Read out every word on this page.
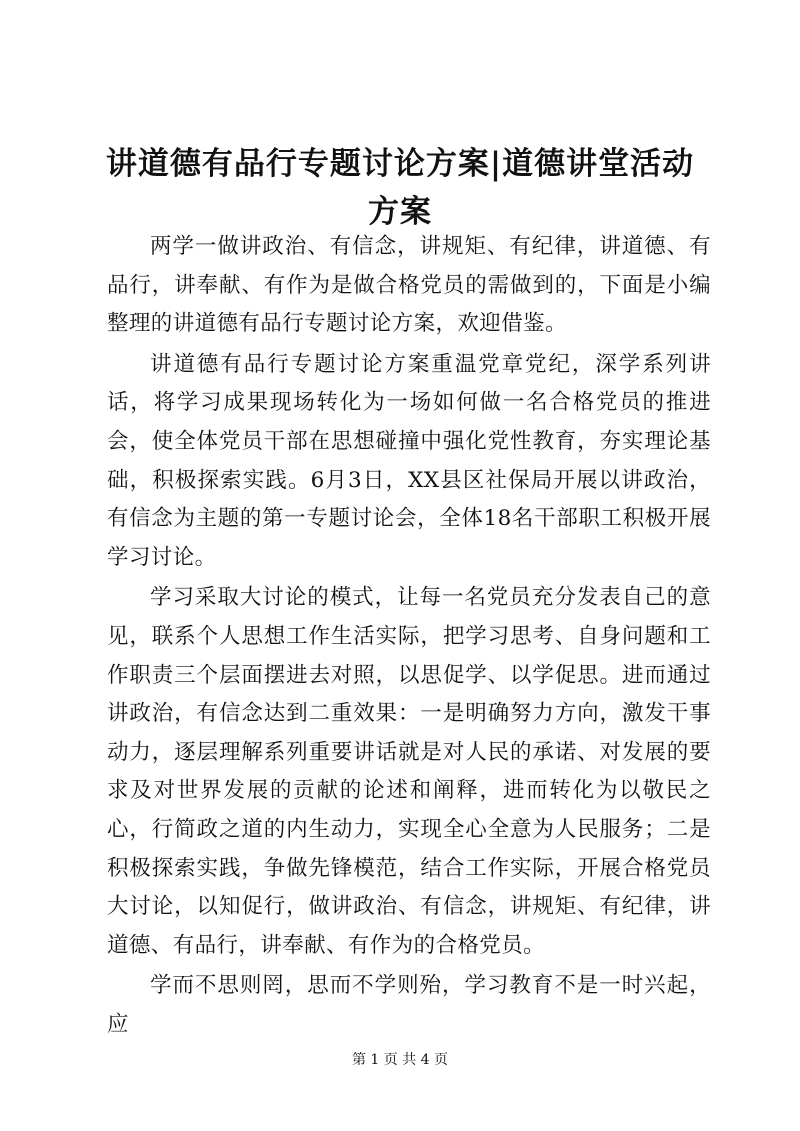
讲道德有品行专题讨论方案|道德讲堂活动方案

两学一做讲政治、有信念，讲规矩、有纪律，讲道德、有品行，讲奉献、有作为是做合格党员的需做到的，下面是小编整理的讲道德有品行专题讨论方案，欢迎借鉴。

讲道德有品行专题讨论方案重温党章党纪，深学系列讲话，将学习成果现场转化为一场如何做一名合格党员的推进会，使全体党员干部在思想碰撞中强化党性教育，夯实理论基础，积极探索实践。6月3日，XX县区社保局开展以讲政治，有信念为主题的第一专题讨论会，全体18名干部职工积极开展学习讨论。

学习采取大讨论的模式，让每一名党员充分发表自己的意见，联系个人思想工作生活实际，把学习思考、自身问题和工作职责三个层面摆进去对照，以思促学、以学促思。进而通过讲政治，有信念达到二重效果：一是明确努力方向，激发干事动力，逐层理解系列重要讲话就是对人民的承诺、对发展的要求及对世界发展的贡献的论述和阐释，进而转化为以敬民之心，行简政之道的内生动力，实现全心全意为人民服务；二是积极探索实践，争做先锋模范，结合工作实际，开展合格党员大讨论，以知促行，做讲政治、有信念，讲规矩、有纪律，讲道德、有品行，讲奉献、有作为的合格党员。

学而不思则罔，思而不学则殆，学习教育不是一时兴起，应

第 1 页 共 4 页
